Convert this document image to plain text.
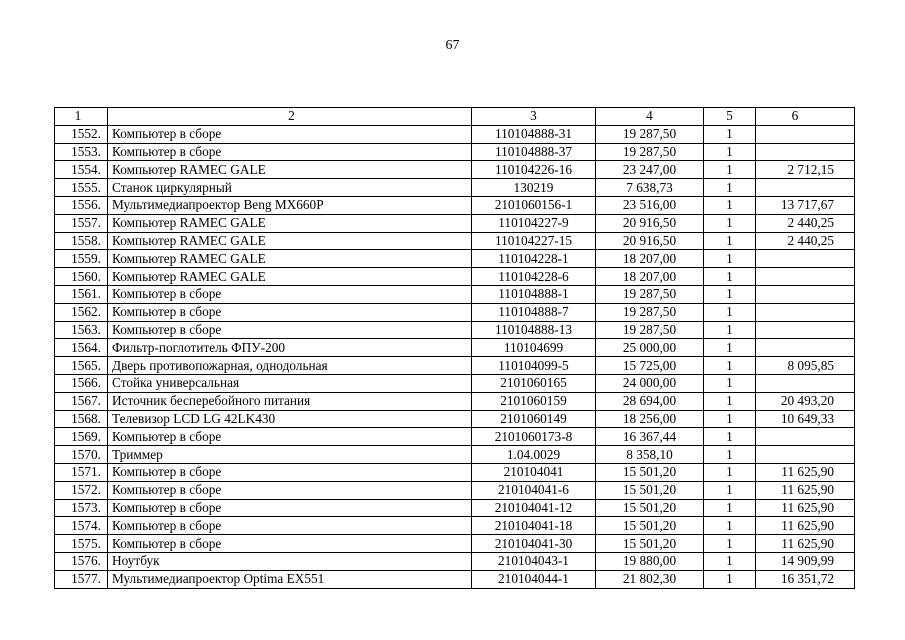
67
1	2	3	4	5	6
1552.	Компьютер в сборе	110104888-31	19 287,50	1	
1553.	Компьютер в сборе	110104888-37	19 287,50	1	
1554.	Компьютер RAMEC GALE	110104226-16	23 247,00	1	2 712,15
1555.	Станок циркулярный	130219	7 638,73	1	
1556.	Мультимедиапроектор Beng MX660P	2101060156-1	23 516,00	1	13 717,67
1557.	Компьютер RAMEC GALE	110104227-9	20 916,50	1	2 440,25
1558.	Компьютер RAMEC GALE	110104227-15	20 916,50	1	2 440,25
1559.	Компьютер RAMEC GALE	110104228-1	18 207,00	1	
1560.	Компьютер RAMEC GALE	110104228-6	18 207,00	1	
1561.	Компьютер в сборе	110104888-1	19 287,50	1	
1562.	Компьютер в сборе	110104888-7	19 287,50	1	
1563.	Компьютер в сборе	110104888-13	19 287,50	1	
1564.	Фильтр-поглотитель ФПУ-200	110104699	25 000,00	1	
1565.	Дверь противопожарная, однодольная	110104099-5	15 725,00	1	8 095,85
1566.	Стойка универсальная	2101060165	24 000,00	1	
1567.	Источник бесперебойного питания	2101060159	28 694,00	1	20 493,20
1568.	Телевизор LCD LG 42LK430	2101060149	18 256,00	1	10 649,33
1569.	Компьютер в сборе	2101060173-8	16 367,44	1	
1570.	Триммер	1.04.0029	8 358,10	1	
1571.	Компьютер в сборе	210104041	15 501,20	1	11 625,90
1572.	Компьютер в сборе	210104041-6	15 501,20	1	11 625,90
1573.	Компьютер в сборе	210104041-12	15 501,20	1	11 625,90
1574.	Компьютер в сборе	210104041-18	15 501,20	1	11 625,90
1575.	Компьютер в сборе	210104041-30	15 501,20	1	11 625,90
1576.	Ноутбук	210104043-1	19 880,00	1	14 909,99
1577.	Мультимедиапроектор Optima EX551	210104044-1	21 802,30	1	16 351,72
